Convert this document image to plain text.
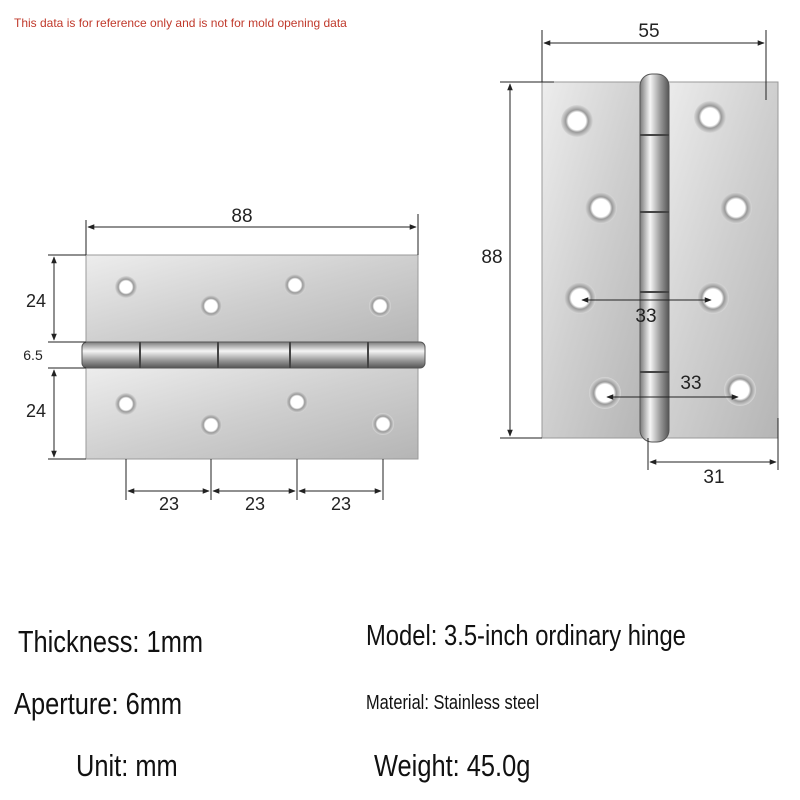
This data is for reference only and is not for mold opening data
88
24
6.5
24
23	23	23
55
88
33
33
31
Thickness: 1mm	Model: 3.5-inch ordinary hinge
Aperture: 6mm	Material: Stainless steel
Unit: mm	Weight: 45.0g
